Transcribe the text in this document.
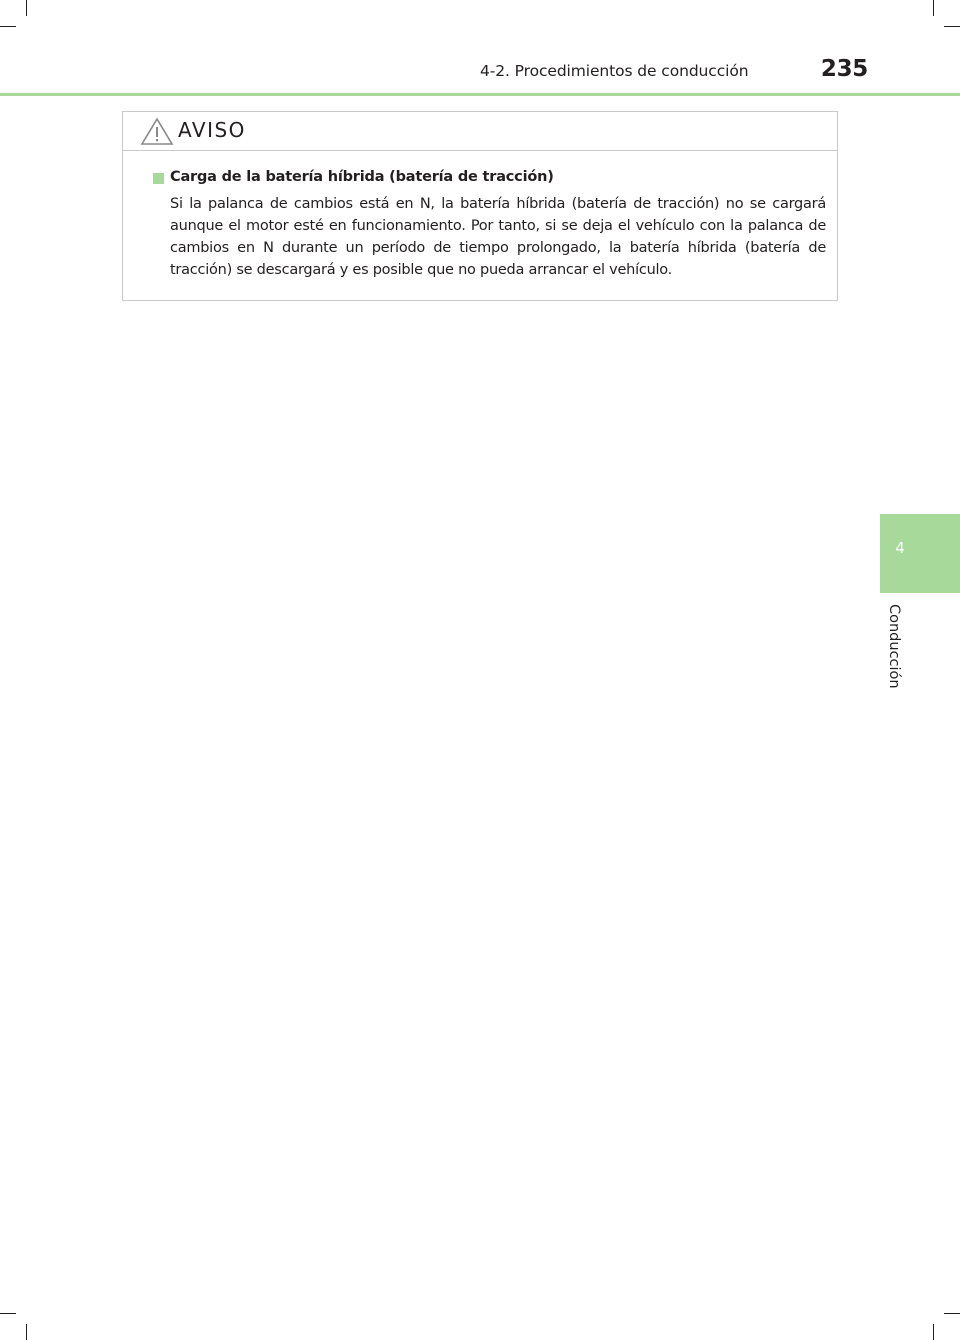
4-2. Procedimientos de conducción	235
4
Conducción
AVISO
Carga de la batería híbrida (batería de tracción)

Si la palanca de cambios está en N, la batería híbrida (batería de tracción) no se cargará aunque el motor esté en funcionamiento. Por tanto, si se deja el vehículo con la palanca de cambios en N durante un período de tiempo prolongado, la batería híbrida (batería de tracción) se descargará y es posible que no pueda arrancar el vehículo.
